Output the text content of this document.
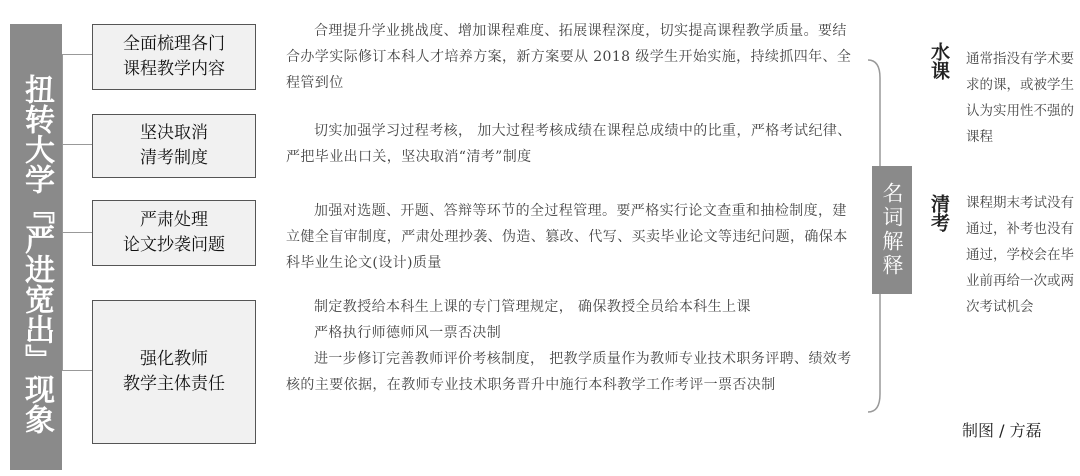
扭转大学『严进宽出』现象
全面梳理各门
课程教学内容
坚决取消
清考制度
严肃处理
论文抄袭问题
强化教师
教学主体责任

合理提升学业挑战度、增加课程难度、拓展课程深度，切实提高课程教学质量。要结合办学实际修订本科人才培养方案，新方案要从 2018 级学生开始实施，持续抓四年、全程管到位

切实加强学习过程考核， 加大过程考核成绩在课程总成绩中的比重，严格考试纪律、严把毕业出口关，坚决取消“清考”制度

加强对选题、开题、答辩等环节的全过程管理。要严格实行论文查重和抽检制度，建立健全盲审制度，严肃处理抄袭、伪造、篡改、代写、买卖毕业论文等违纪问题，确保本科毕业生论文(设计)质量

制定教授给本科生上课的专门管理规定， 确保教授全员给本科生上课

严格执行师德师风一票否决制

进一步修订完善教师评价考核制度， 把教学质量作为教师专业技术职务评聘、绩效考核的主要依据，在教师专业技术职务晋升中施行本科教学工作考评一票否决制

名词解释
水课 通常指没有学术要求的课，或被学生认为实用性不强的课程
清考 课程期末考试没有通过，补考也没有通过，学校会在毕业前再给一次或两次考试机会
制图 / 方磊
